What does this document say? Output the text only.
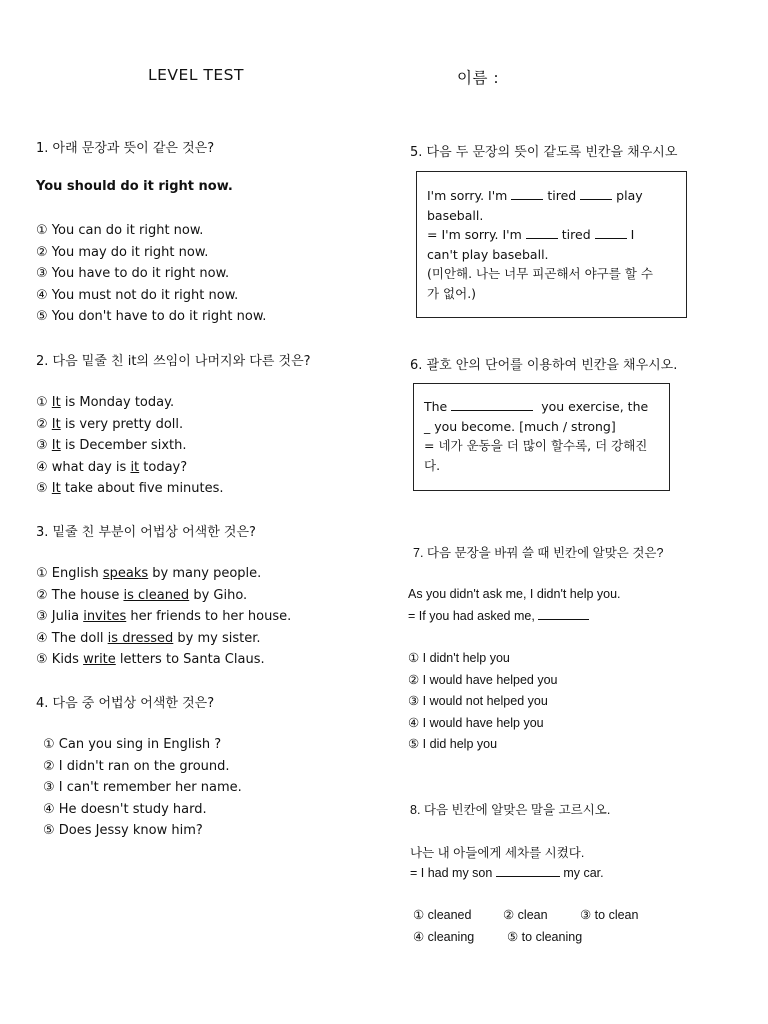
LEVEL TEST	이름 :
1. 아래 문장과 뜻이 같은 것은?
You should do it right now.
① You can do it right now.
② You may do it right now.
③ You have to do it right now.
④ You must not do it right now.
⑤ You don't have to do it right now.
2. 다음 밑줄 친 it의 쓰임이 나머지와 다른 것은?
① It is Monday today.
② It is very pretty doll.
③ It is December sixth.
④ what day is it today?
⑤ It take about five minutes.
3. 밑줄 친 부분이 어법상 어색한 것은?
① English speaks by many people.
② The house is cleaned by Giho.
③ Julia invites her friends to her house.
④ The doll is dressed by my sister.
⑤ Kids write letters to Santa Claus.
4. 다음 중 어법상 어색한 것은?
① Can you sing in English ?
② I didn't ran on the ground.
③ I can't remember her name.
④ He doesn't study hard.
⑤ Does Jessy know him?
5. 다음 두 문장의 뜻이 같도록 빈칸을 채우시오
I'm sorry. I'm	tired	play
baseball.
= I'm sorry. I'm	tired	I
can't play baseball.
(미안해. 나는 너무 피곤해서 야구를 할 수
가 없어.)
6. 괄호 안의 단어를 이용하여 빈칸을 채우시오.
The	you exercise, the
_ you become. [much / strong]
= 네가 운동을 더 많이 할수록, 더 강해진
다.
7. 다음 문장을 바꿔 쓸 때 빈칸에 알맞은 것은?
As you didn't ask me, I didn't help you.
= If you had asked me,
① I didn't help you
② I would have helped you
③ I would not helped you
④ I would have help you
⑤ I did help you
8. 다음 빈칸에 알맞은 말을 고르시오.
나는 내 아들에게 세차를 시켰다.
= I had my son	my car.
① cleaned	② clean	③ to clean
④ cleaning	⑤ to cleaning
